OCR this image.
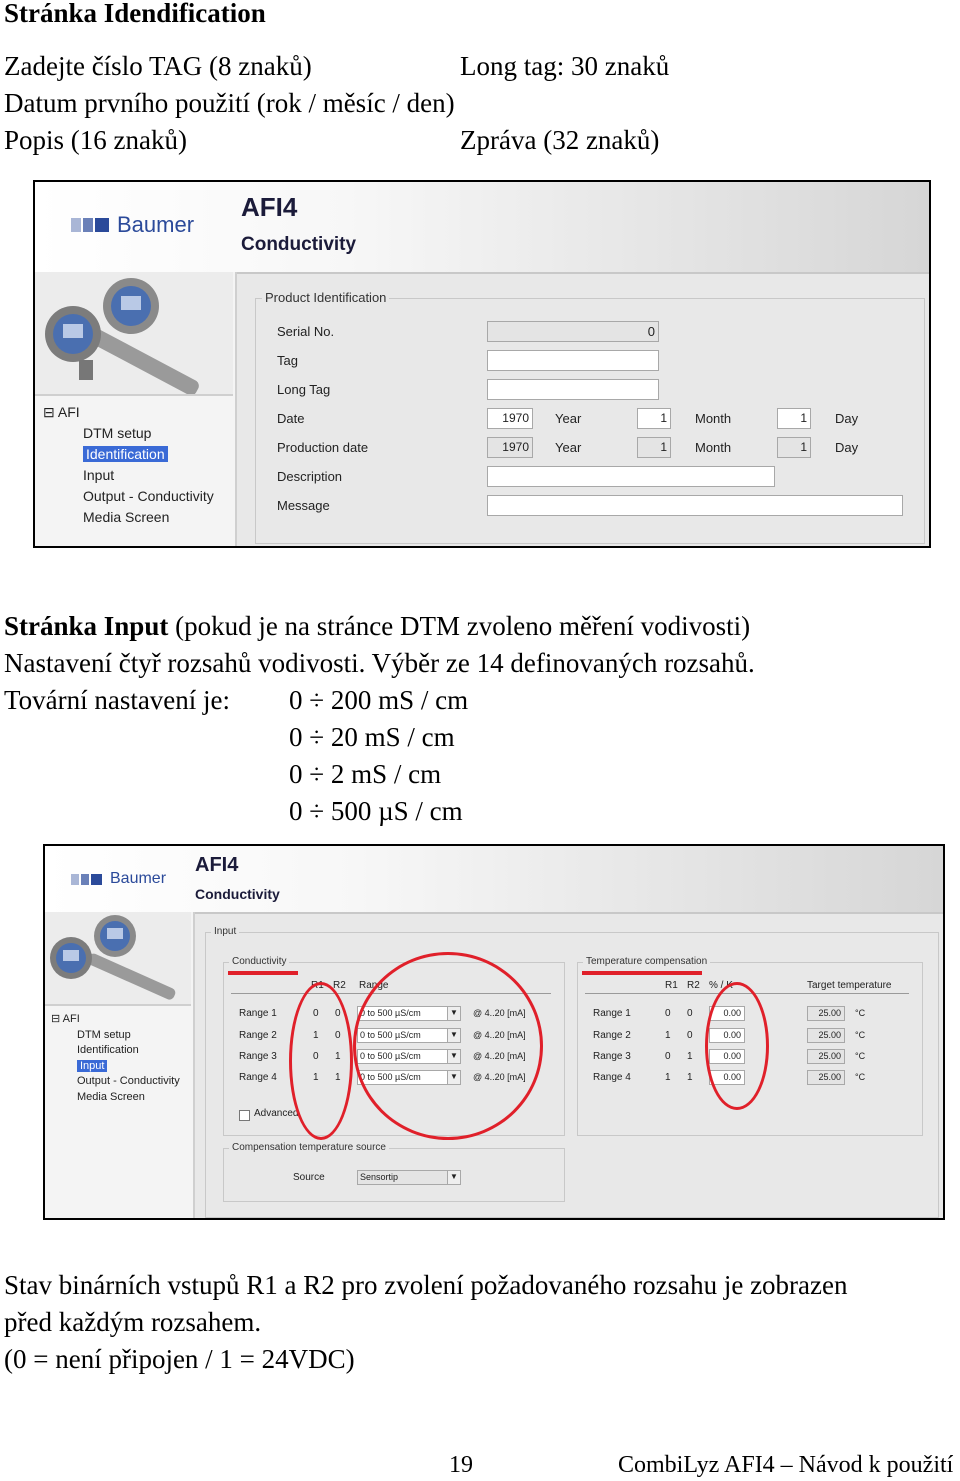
Stránka Idendification
Zadejte číslo TAG (8 znaků)	Long tag: 30 znaků
Datum prvního použití (rok / měsíc / den)
Popis (16 znaků)	Zpráva (32 znaků)
Baumer
AFI4
Conductivity
⊟ AFI
DTM setup
Identification
Input
Output - Conductivity
Media Screen
Product Identification
Serial No.	0
Tag
Long Tag
Date	1970	Year	1	Month	1	Day
Production date	1970	Year	1	Month	1	Day
Description
Message
Stránka Input (pokud je na stránce DTM zvoleno měření vodivosti)
Nastavení čtyř rozsahů vodivosti. Výběr ze 14 definovaných rozsahů.
Tovární nastavení je: 0 ÷ 200 mS / cm
0 ÷ 20 mS / cm
0 ÷ 2 mS / cm
0 ÷ 500 µS / cm
Baumer
AFI4
Conductivity
⊟ AFI
DTM setup
Identification
Input
Output - Conductivity
Media Screen
Input
Conductivity
R1 R2 Range
Range 1	0 0	0 to 500 µS/cm	▼ @ 4..20 [mA]
Range 2	1 0	0 to 500 µS/cm	▼ @ 4..20 [mA]
Range 3	0 1	0 to 500 µS/cm	▼ @ 4..20 [mA]
Range 4	1 1	0 to 500 µS/cm	▼ @ 4..20 [mA]
Advanced
Temperature compensation
R1 R2 % / K	Target temperature
Range 1	0 0	0.00	25.00	°C
Range 2	1 0	0.00	25.00	°C
Range 3	0 1	0.00	25.00	°C
Range 4	1 1	0.00	25.00	°C
Compensation temperature source
Source	Sensortip	▼
Stav binárních vstupů R1 a R2 pro zvolení požadovaného rozsahu je zobrazen
před každým rozsahem.
(0 = není připojen / 1 = 24VDC)
19	CombiLyz AFI4 – Návod k použití
